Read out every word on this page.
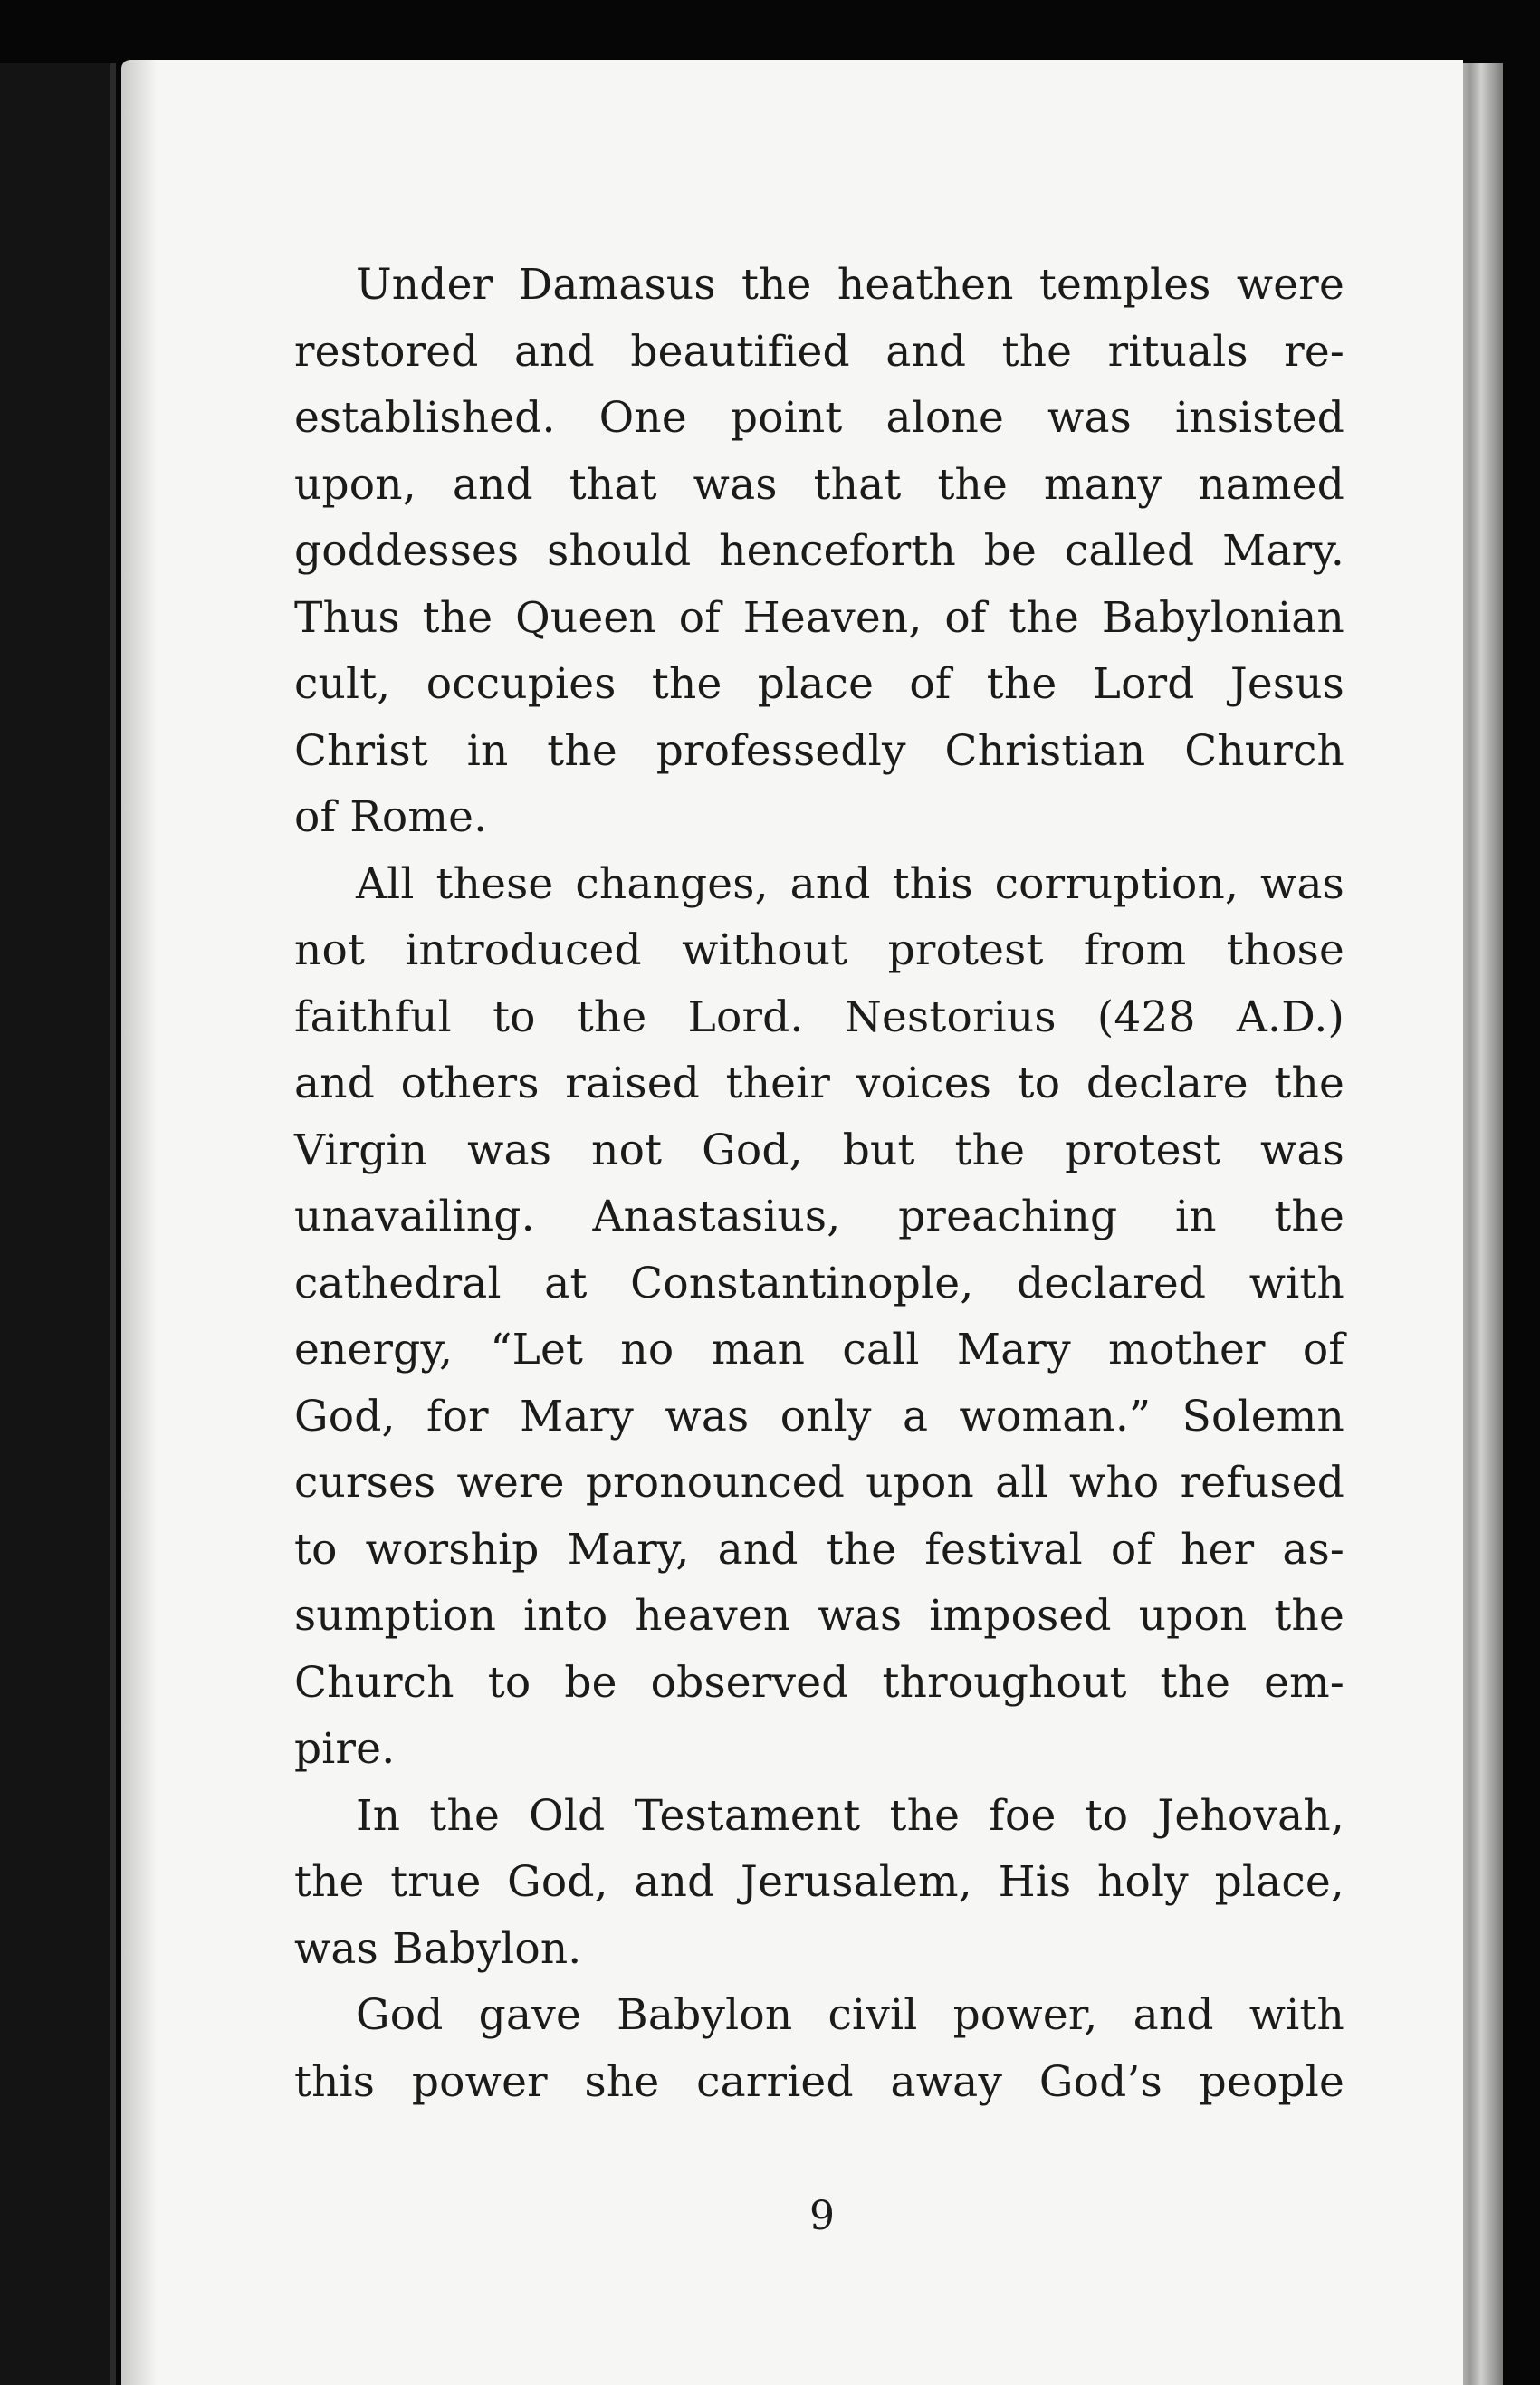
Under Damasus the heathen temples were
restored and beautified and the rituals re-
established. One point alone was insisted
upon, and that was that the many named
goddesses should henceforth be called Mary.
Thus the Queen of Heaven, of the Babylonian
cult, occupies the place of the Lord Jesus
Christ in the professedly Christian Church
of Rome.

All these changes, and this corruption, was
not introduced without protest from those
faithful to the Lord. Nestorius (428 A.D.)
and others raised their voices to declare the
Virgin was not God, but the protest was
unavailing. Anastasius, preaching in the
cathedral at Constantinople, declared with
energy, “Let no man call Mary mother of
God, for Mary was only a woman.” Solemn
curses were pronounced upon all who refused
to worship Mary, and the festival of her as-
sumption into heaven was imposed upon the
Church to be observed throughout the em-
pire.

In the Old Testament the foe to Jehovah,
the true God, and Jerusalem, His holy place,
was Babylon.

God gave Babylon civil power, and with
this power she carried away God’s people

9
